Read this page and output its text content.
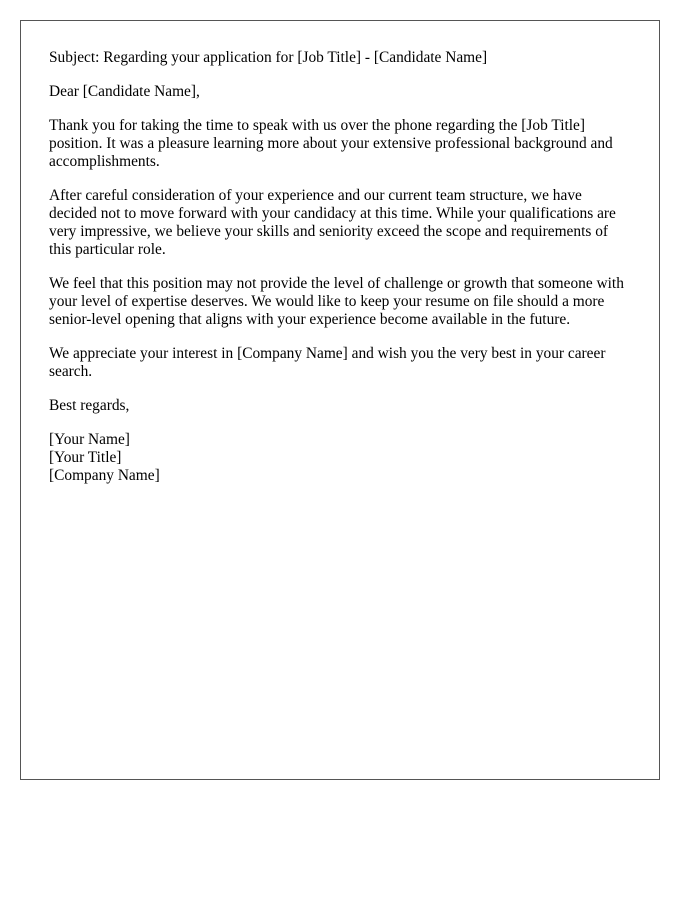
Subject: Regarding your application for [Job Title] - [Candidate Name]

Dear [Candidate Name],

Thank you for taking the time to speak with us over the phone regarding the [Job Title] position. It was a pleasure learning more about your extensive professional background and accomplishments.

After careful consideration of your experience and our current team structure, we have decided not to move forward with your candidacy at this time. While your qualifications are very impressive, we believe your skills and seniority exceed the scope and requirements of this particular role.

We feel that this position may not provide the level of challenge or growth that someone with your level of expertise deserves. We would like to keep your resume on file should a more senior-level opening that aligns with your experience become available in the future.

We appreciate your interest in [Company Name] and wish you the very best in your career search.

Best regards,

[Your Name]
[Your Title]
[Company Name]
